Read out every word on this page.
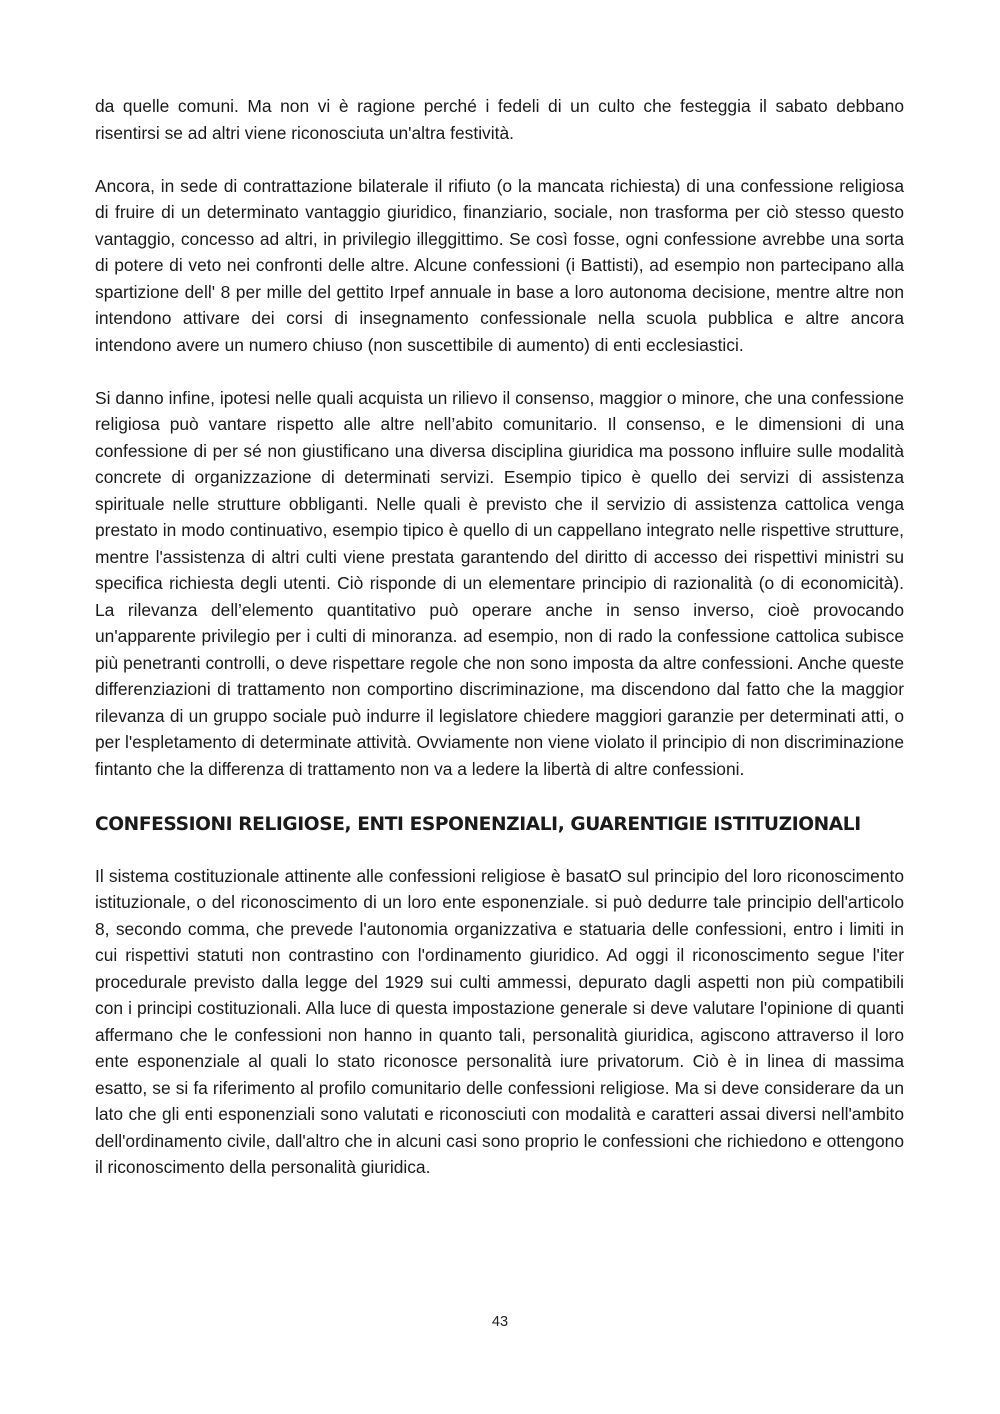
da quelle comuni. Ma non vi è ragione perché i fedeli di un culto che festeggia il sabato debbano risentirsi se ad altri viene riconosciuta un'altra festività.

Ancora, in sede di contrattazione bilaterale il rifiuto (o la mancata richiesta) di una confessione religiosa di fruire di un determinato vantaggio giuridico, finanziario, sociale, non trasforma per ciò stesso questo vantaggio, concesso ad altri, in privilegio illeggittimo. Se così fosse, ogni confessione avrebbe una sorta di potere di veto nei confronti delle altre. Alcune confessioni (i Battisti), ad esempio non partecipano alla spartizione dell' 8 per mille del gettito Irpef annuale in base a loro autonoma decisione, mentre altre non intendono attivare dei corsi di insegnamento confessionale nella scuola pubblica e altre ancora intendono avere un numero chiuso (non suscettibile di aumento) di enti ecclesiastici.

Si danno infine, ipotesi nelle quali acquista un rilievo il consenso, maggior o minore, che una confessione religiosa può vantare rispetto alle altre nell’abito comunitario. Il consenso, e le dimensioni di una confessione di per sé non giustificano una diversa disciplina giuridica ma possono influire sulle modalità concrete di organizzazione di determinati servizi. Esempio tipico è quello dei servizi di assistenza spirituale nelle strutture obbliganti. Nelle quali è previsto che il servizio di assistenza cattolica venga prestato in modo continuativo, esempio tipico è quello di un cappellano integrato nelle rispettive strutture, mentre l'assistenza di altri culti viene prestata garantendo del diritto di accesso dei rispettivi ministri su specifica richiesta degli utenti. Ciò risponde di un elementare principio di razionalità (o di economicità). La rilevanza dell’elemento quantitativo può operare anche in senso inverso, cioè provocando un'apparente privilegio per i culti di minoranza. ad esempio, non di rado la confessione cattolica subisce più penetranti controlli, o deve rispettare regole che non sono imposta da altre confessioni. Anche queste differenziazioni di trattamento non comportino discriminazione, ma discendono dal fatto che la maggior rilevanza di un gruppo sociale può indurre il legislatore chiedere maggiori garanzie per determinati atti, o per l'espletamento di determinate attività. Ovviamente non viene violato il principio di non discriminazione fintanto che la differenza di trattamento non va a ledere la libertà di altre confessioni.

CONFESSIONI RELIGIOSE, ENTI ESPONENZIALI, GUARENTIGIE ISTITUZIONALI

Il sistema costituzionale attinente alle confessioni religiose è basatO sul principio del loro riconoscimento istituzionale, o del riconoscimento di un loro ente esponenziale. si può dedurre tale principio dell'articolo 8, secondo comma, che prevede l'autonomia organizzativa e statuaria delle confessioni, entro i limiti in cui rispettivi statuti non contrastino con l'ordinamento giuridico. Ad oggi il riconoscimento segue l'iter procedurale previsto dalla legge del 1929 sui culti ammessi, depurato dagli aspetti non più compatibili con i principi costituzionali. Alla luce di questa impostazione generale si deve valutare l'opinione di quanti affermano che le confessioni non hanno in quanto tali, personalità giuridica, agiscono attraverso il loro ente esponenziale al quali lo stato riconosce personalità iure privatorum. Ciò è in linea di massima esatto, se si fa riferimento al profilo comunitario delle confessioni religiose. Ma si deve considerare da un lato che gli enti esponenziali sono valutati e riconosciuti con modalità e caratteri assai diversi nell'ambito dell'ordinamento civile, dall'altro che in alcuni casi sono proprio le confessioni che richiedono e ottengono il riconoscimento della personalità giuridica.

43
